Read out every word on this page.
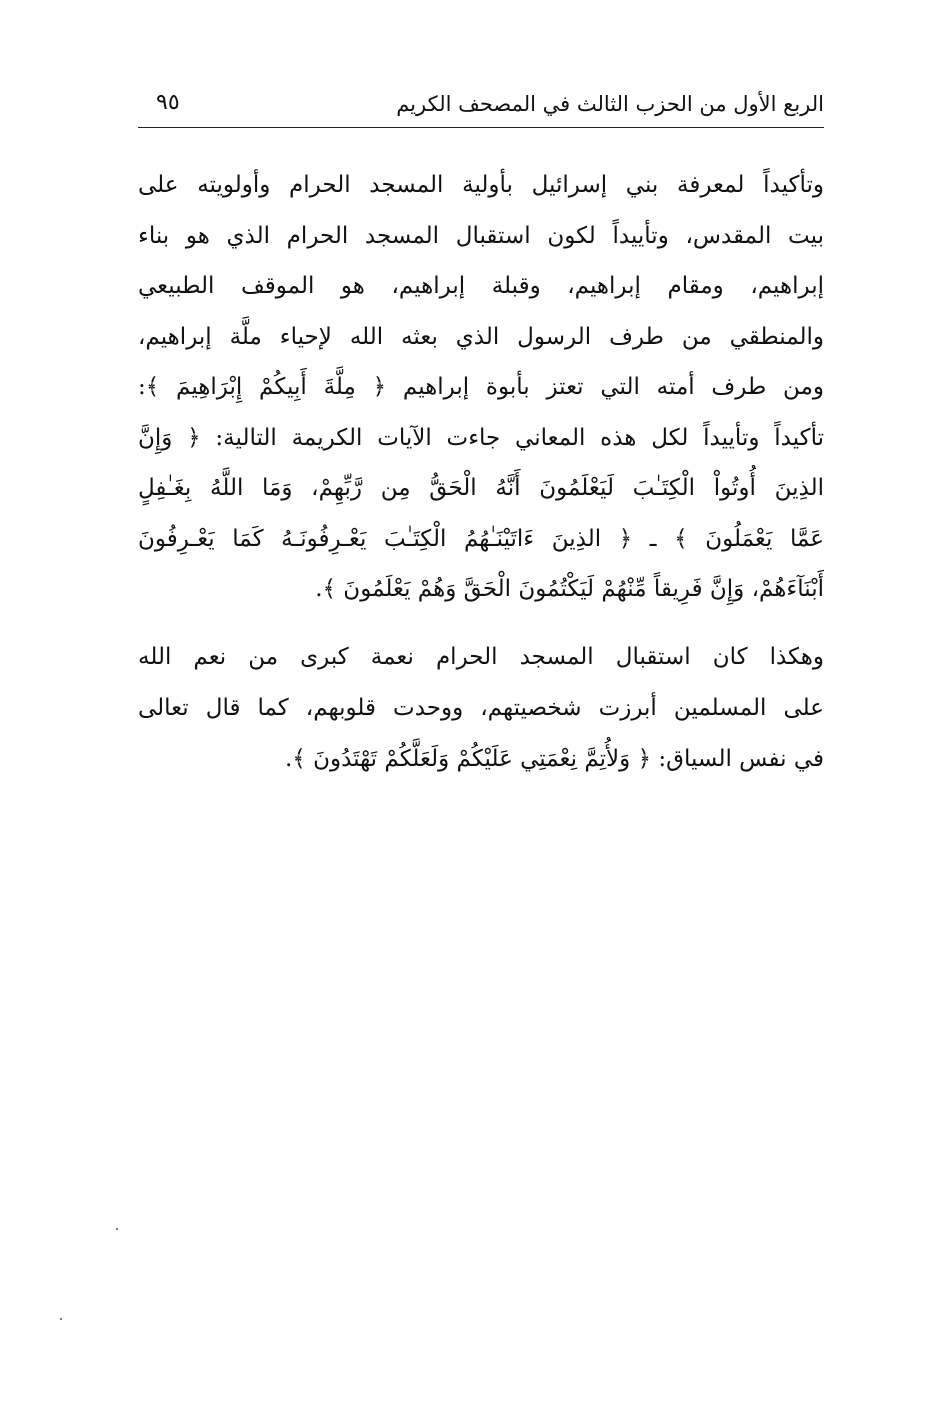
الربع الأول من الحزب الثالث في المصحف الكريم
٩٥
وتأكيداً لمعرفة بني إسرائيل بأولية المسجد الحرام وأولويته على
بيت المقدس، وتأييداً لكون استقبال المسجد الحرام الذي هو بناء
إبراهيم، ومقام إبراهيم، وقبلة إبراهيم، هو الموقف الطبيعي
والمنطقي من طرف الرسول الذي بعثه الله لإحياء ملَّة إبراهيم،
ومن طرف أمته التي تعتز بأبوة إبراهيم ﴿ مِلَّةَ أَبِيكُمْ إِبْرَاهِيمَ ﴾:
تأكيداً وتأييداً لكل هذه المعاني جاءت الآيات الكريمة التالية: ﴿ وَإِنَّ
الذِينَ أُوتُواْ الْكِتَـٰبَ لَيَعْلَمُونَ أَنَّهُ الْحَقُّ مِن رَّبِّهِمْ، وَمَا اللَّهُ بِغَـٰفِلٍ
عَمَّا يَعْمَلُونَ ﴾ ـ ﴿ الذِينَ ءَاتَيْنَـٰهُمُ الْكِتَـٰبَ يَعْـرِفُونَـهُ كَمَا يَعْـرِفُونَ
أَبْنَآءَهُمْ، وَإِنَّ فَرِيقاً مِّنْهُمْ لَيَكْتُمُونَ الْحَقَّ وَهُمْ يَعْلَمُونَ ﴾.
وهكذا كان استقبال المسجد الحرام نعمة كبرى من نعم الله
على المسلمين أبرزت شخصيتهم، ووحدت قلوبهم، كما قال تعالى
في نفس السياق: ﴿ وَلأُتِمَّ نِعْمَتِي عَلَيْكُمْ وَلَعَلَّكُمْ تَهْتَدُونَ ﴾.
